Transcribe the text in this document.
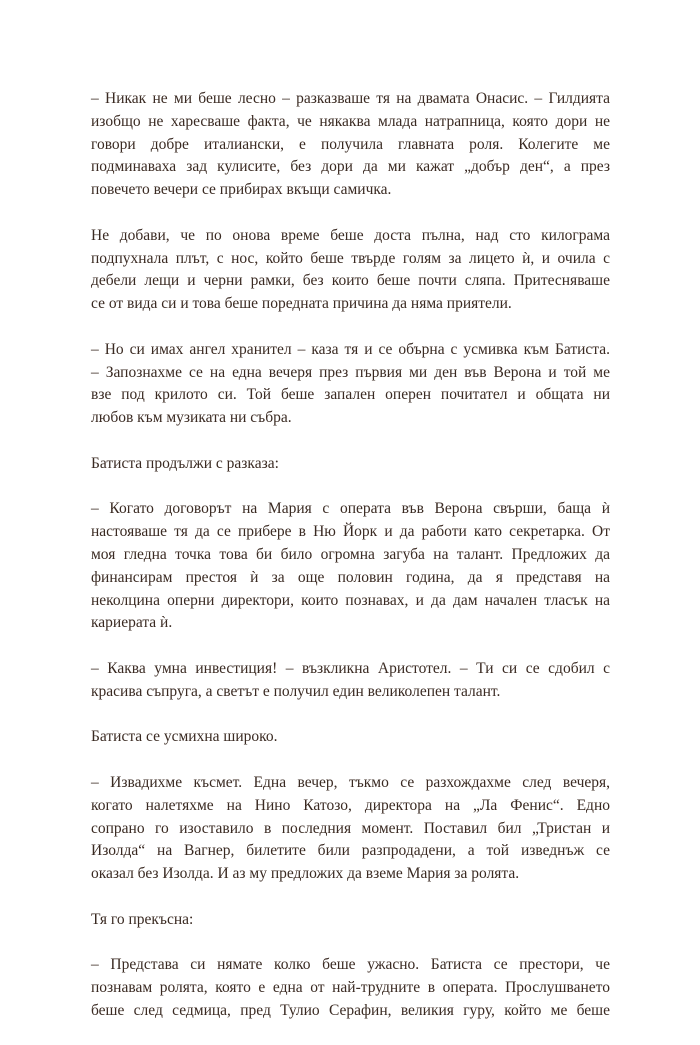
– Никак не ми беше лесно – разказваше тя на двамата Онасис. – Гилдията
изобщо не харесваше факта, че някаква млада натрапница, която дори не
говори добре италиански, е получила главната роля. Колегите ме
подминаваха зад кулисите, без дори да ми кажат „добър ден“, а през
повечето вечери се прибирах вкъщи самичка.
Не добави, че по онова време беше доста пълна, над сто килограма
подпухнала плът, с нос, който беше твърде голям за лицето ѝ, и очила с
дебели лещи и черни рамки, без които беше почти сляпа. Притесняваше
се от вида си и това беше поредната причина да няма приятели.
– Но си имах ангел хранител – каза тя и се обърна с усмивка към Батиста.
– Запознахме се на една вечеря през първия ми ден във Верона и той ме
взе под крилото си. Той беше запален оперен почитател и общата ни
любов към музиката ни събра.
Батиста продължи с разказа:
– Когато договорът на Мария с операта във Верона свърши, баща ѝ
настояваше тя да се прибере в Ню Йорк и да работи като секретарка. От
моя гледна точка това би било огромна загуба на талант. Предложих да
финансирам престоя ѝ за още половин година, да я представя на
неколцина оперни директори, които познавах, и да дам начален тласък на
кариерата ѝ.
– Каква умна инвестиция! – възкликна Аристотел. – Ти си се сдобил с
красива съпруга, а светът е получил един великолепен талант.
Батиста се усмихна широко.
– Извадихме късмет. Една вечер, тъкмо се разхождахме след вечеря,
когато налетяхме на Нино Катозо, директора на „Ла Фенис“. Едно
сопрано го изоставило в последния момент. Поставил бил „Тристан и
Изолда“ на Вагнер, билетите били разпродадени, а той изведнъж се
оказал без Изолда. И аз му предложих да вземе Мария за ролята.
Тя го прекъсна:
– Представа си нямате колко беше ужасно. Батиста се престори, че
познавам ролята, която е една от най-трудните в операта. Прослушването
беше след седмица, пред Тулио Серафин, великия гуру, който ме беше
